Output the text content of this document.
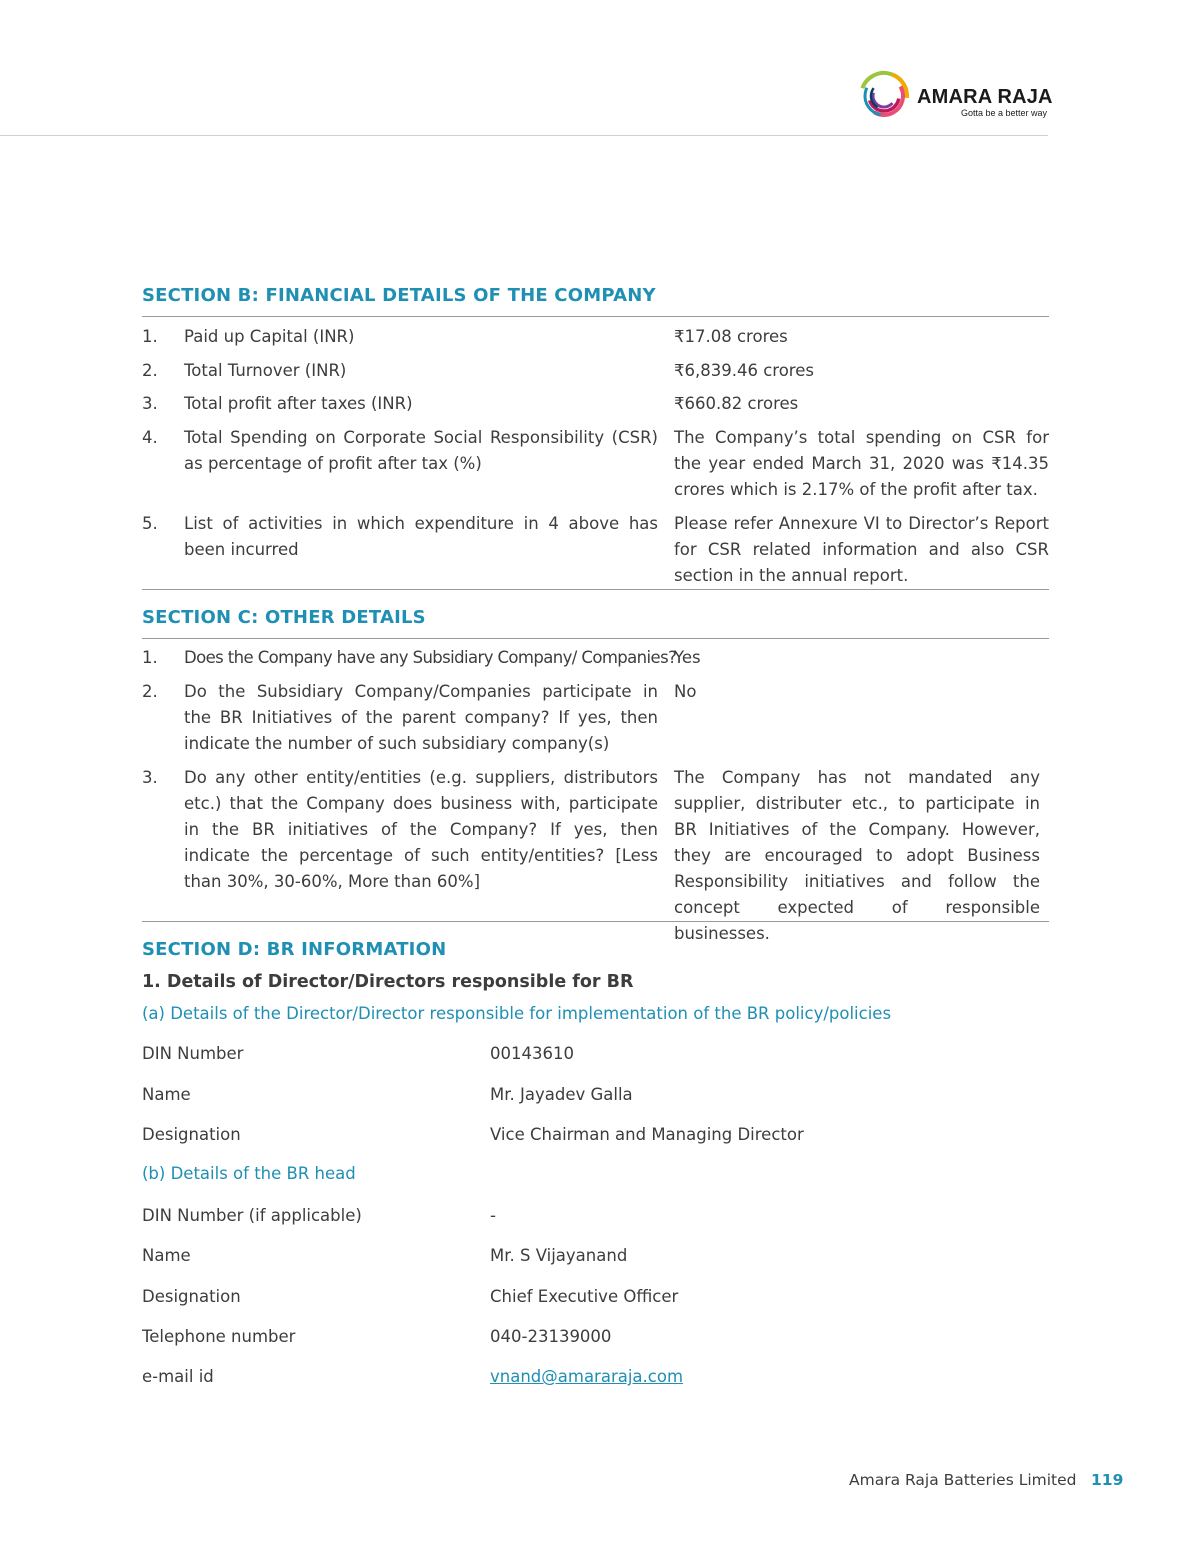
AMARA RAJA
Gotta be a better way
SECTION B: FINANCIAL DETAILS OF THE COMPANY
1. Paid up Capital (INR)	₹17.08 crores
2. Total Turnover (INR)	₹6,839.46 crores
3. Total profit after taxes (INR)	₹660.82 crores
4. Total Spending on Corporate Social Responsibility (CSR) as percentage of profit after tax (%)
The Company’s total spending on CSR for the year ended March 31, 2020 was ₹14.35 crores which is 2.17% of the profit after tax.
5. List of activities in which expenditure in 4 above has been incurred
Please refer Annexure VI to Director’s Report for CSR related information and also CSR section in the annual report.
SECTION C: OTHER DETAILS
1. Does the Company have any Subsidiary Company/ Companies?
Yes
2. Do the Subsidiary Company/Companies participate in the BR Initiatives of the parent company? If yes, then indicate the number of such subsidiary company(s)
No
3. Do any other entity/entities (e.g. suppliers, distributors etc.) that the Company does business with, participate in the BR initiatives of the Company? If yes, then indicate the percentage of such entity/entities? [Less than 30%, 30-60%, More than 60%]
The Company has not mandated any supplier, distributer etc., to participate in BR Initiatives of the Company. However, they are encouraged to adopt Business Responsibility initiatives and follow the concept expected of responsible businesses.
SECTION D: BR INFORMATION
1. Details of Director/Directors responsible for BR
(a) Details of the Director/Director responsible for implementation of the BR policy/policies
DIN Number	00143610
Name	Mr. Jayadev Galla
Designation	Vice Chairman and Managing Director
(b) Details of the BR head
DIN Number (if applicable)	-
Name	Mr. S Vijayanand
Designation	Chief Executive Officer
Telephone number	040-23139000
e-mail id	vnand@amararaja.com
Amara Raja Batteries Limited 119
